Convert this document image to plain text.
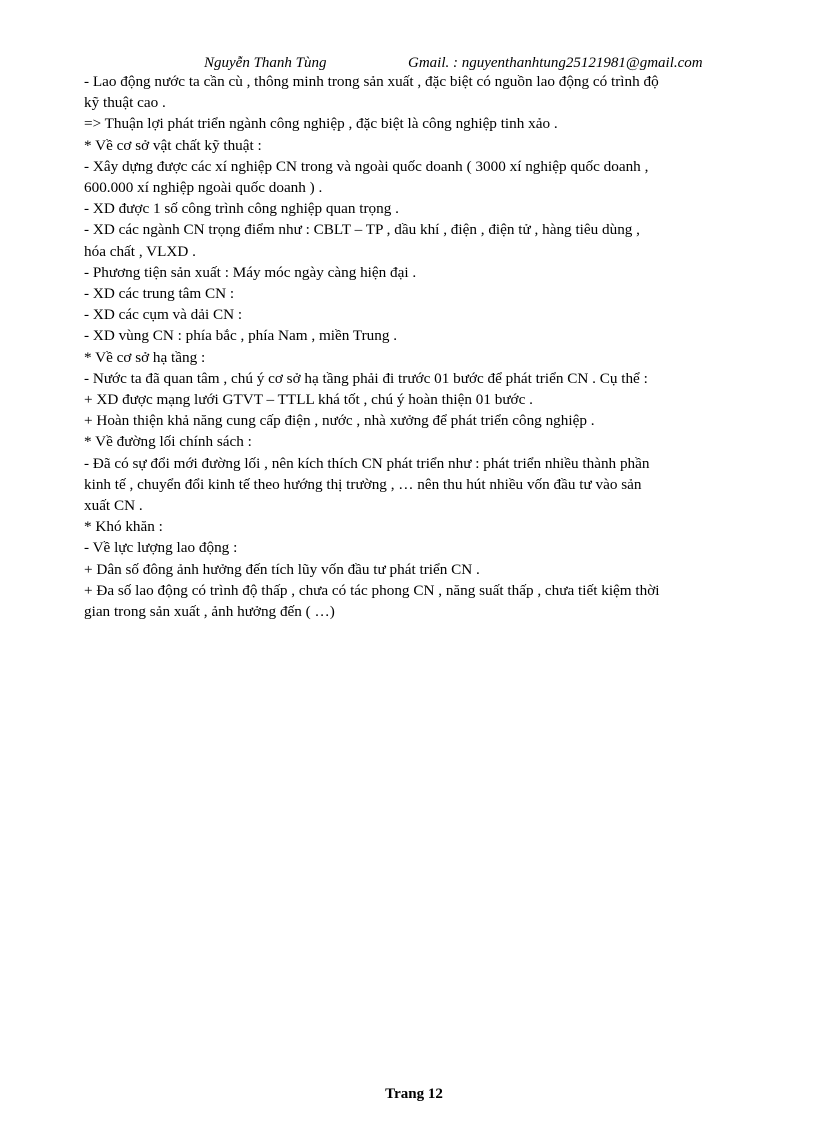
Nguyễn Thanh Tùng	Gmail. : nguyenthanhtung25121981@gmail.com
- Lao động nước ta cần cù , thông minh trong sản xuất , đặc biệt có nguồn lao động có trình độ
kỹ thuật cao .
=> Thuận lợi phát triển ngành công nghiệp , đặc biệt là công nghiệp tinh xảo .
* Về cơ sở vật chất kỹ thuật :
- Xây dựng được các xí nghiệp CN trong và ngoài quốc doanh ( 3000 xí nghiệp quốc doanh ,
600.000 xí nghiệp ngoài quốc doanh ) .
- XD được 1 số công trình công nghiệp quan trọng .
- XD các ngành CN trọng điểm như : CBLT – TP , dầu khí , điện , điện tử , hàng tiêu dùng ,
hóa chất , VLXD .
- Phương tiện sản xuất : Máy móc ngày càng hiện đại .
- XD các trung tâm CN :
- XD các cụm và dải CN :
- XD vùng CN : phía bắc , phía Nam , miền Trung .
* Về cơ sở hạ tầng :
- Nước ta đã quan tâm , chú ý cơ sở hạ tầng phải đi trước 01 bước để phát triển CN . Cụ thể :
+ XD được mạng lưới GTVT – TTLL khá tốt , chú ý hoàn thiện 01 bước .
+ Hoàn thiện khả năng cung cấp điện , nước , nhà xưởng để phát triển công nghiệp .
* Về đường lối chính sách :
- Đã có sự đổi mới đường lối , nên kích thích CN phát triển như : phát triển nhiều thành phần
kinh tế , chuyển đổi kinh tế theo hướng thị trường , … nên thu hút nhiều vốn đầu tư vào sản
xuất CN .
* Khó khăn :
- Về lực lượng lao động :
+ Dân số đông ảnh hưởng đến tích lũy vốn đầu tư phát triển CN .
+ Đa số lao động có trình độ thấp , chưa có tác phong CN , năng suất thấp , chưa tiết kiệm thời
gian trong sản xuất , ảnh hưởng đến ( …)
Trang 12
